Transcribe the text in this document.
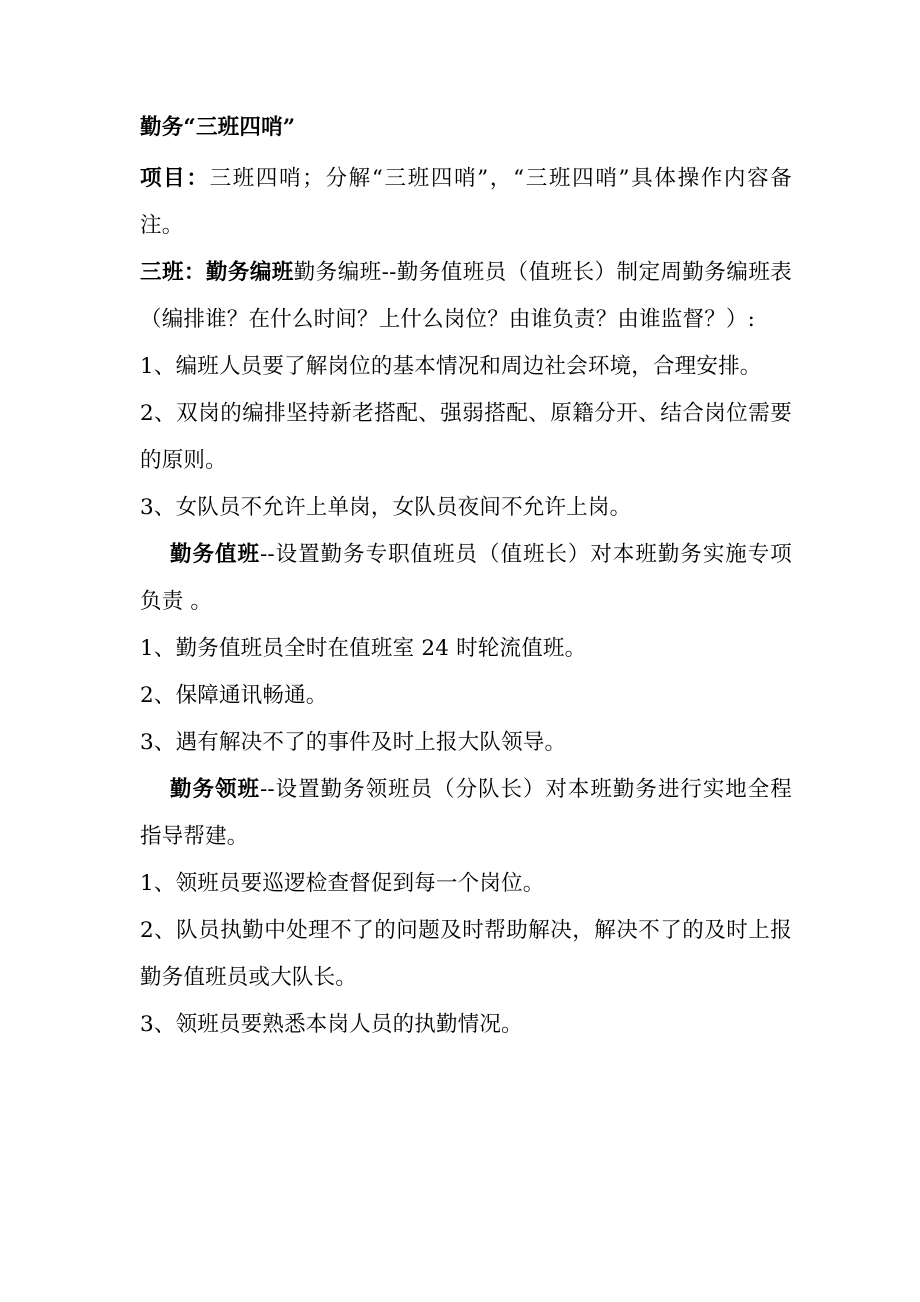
勤务“三班四哨”

项目：三班四哨；分解“三班四哨”，“三班四哨”具体操作内容备注。

三班：勤务编班勤务编班--勤务值班员（值班长）制定周勤务编班表（编排谁？在什么时间？上什么岗位？由谁负责？由谁监督？）:

1、编班人员要了解岗位的基本情况和周边社会环境，合理安排。

2、双岗的编排坚持新老搭配、强弱搭配、原籍分开、结合岗位需要的原则。

3、女队员不允许上单岗，女队员夜间不允许上岗。

勤务值班--设置勤务专职值班员（值班长）对本班勤务实施专项负责 。

1、勤务值班员全时在值班室 24 时轮流值班。

2、保障通讯畅通。

3、遇有解决不了的事件及时上报大队领导。

勤务领班--设置勤务领班员（分队长）对本班勤务进行实地全程指导帮建。

1、领班员要巡逻检查督促到每一个岗位。

2、队员执勤中处理不了的问题及时帮助解决，解决不了的及时上报勤务值班员或大队长。

3、领班员要熟悉本岗人员的执勤情况。
